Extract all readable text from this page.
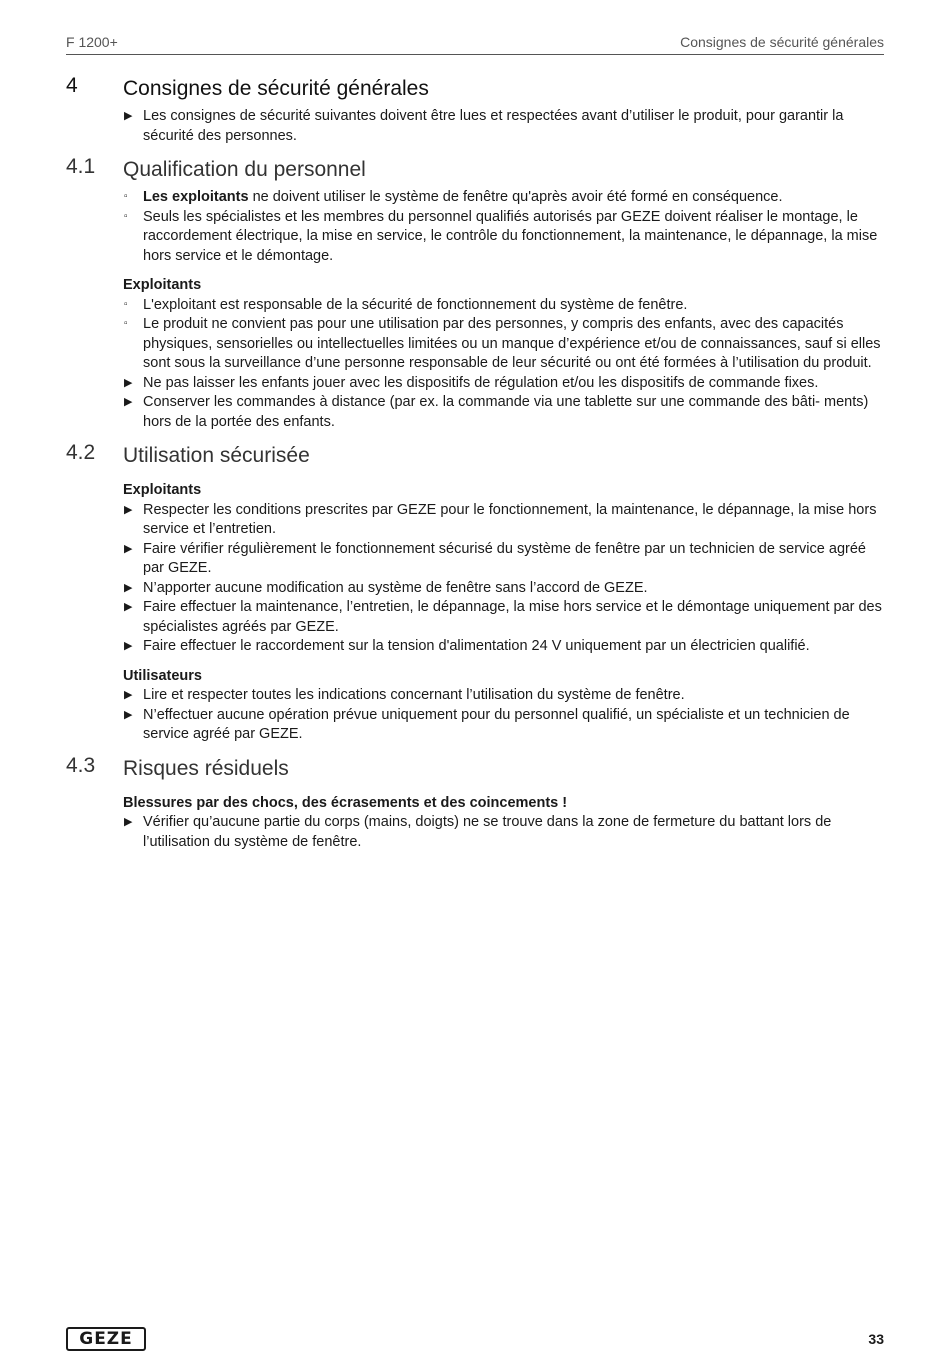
F 1200+	Consignes de sécurité générales
4 Consignes de sécurité générales
▶ Les consignes de sécurité suivantes doivent être lues et respectées avant d’utiliser le produit, pour garantir la sécurité des personnes.
4.1 Qualification du personnel
▫ Les exploitants ne doivent utiliser le système de fenêtre qu'après avoir été formé en conséquence.
▫ Seuls les spécialistes et les membres du personnel qualifiés autorisés par GEZE doivent réaliser le montage, le raccordement électrique, la mise en service, le contrôle du fonctionnement, la maintenance, le dépannage, la mise hors service et le démontage.
Exploitants
▫ L'exploitant est responsable de la sécurité de fonctionnement du système de fenêtre.
▫ Le produit ne convient pas pour une utilisation par des personnes, y compris des enfants, avec des capacités physiques, sensorielles ou intellectuelles limitées ou un manque d’expérience et/ou de connaissances, sauf si elles sont sous la surveillance d’une personne responsable de leur sécurité ou ont été formées à l’utilisation du produit.
▶ Ne pas laisser les enfants jouer avec les dispositifs de régulation et/ou les dispositifs de commande fixes.
▶ Conserver les commandes à distance (par ex. la commande via une tablette sur une commande des bâti- ments) hors de la portée des enfants.
4.2 Utilisation sécurisée
Exploitants
▶ Respecter les conditions prescrites par GEZE pour le fonctionnement, la maintenance, le dépannage, la mise hors service et l’entretien.
▶ Faire vérifier régulièrement le fonctionnement sécurisé du système de fenêtre par un technicien de service agréé par GEZE.
▶ N’apporter aucune modification au système de fenêtre sans l’accord de GEZE.
▶ Faire effectuer la maintenance, l’entretien, le dépannage, la mise hors service et le démontage uniquement par des spécialistes agréés par GEZE.
▶ Faire effectuer le raccordement sur la tension d'alimentation 24 V uniquement par un électricien qualifié.
Utilisateurs
▶ Lire et respecter toutes les indications concernant l’utilisation du système de fenêtre.
▶ N’effectuer aucune opération prévue uniquement pour du personnel qualifié, un spécialiste et un technicien de service agréé par GEZE.
4.3 Risques résiduels
Blessures par des chocs, des écrasements et des coincements !
▶ Vérifier qu’aucune partie du corps (mains, doigts) ne se trouve dans la zone de fermeture du battant lors de l’utilisation du système de fenêtre.
GEZE	33
